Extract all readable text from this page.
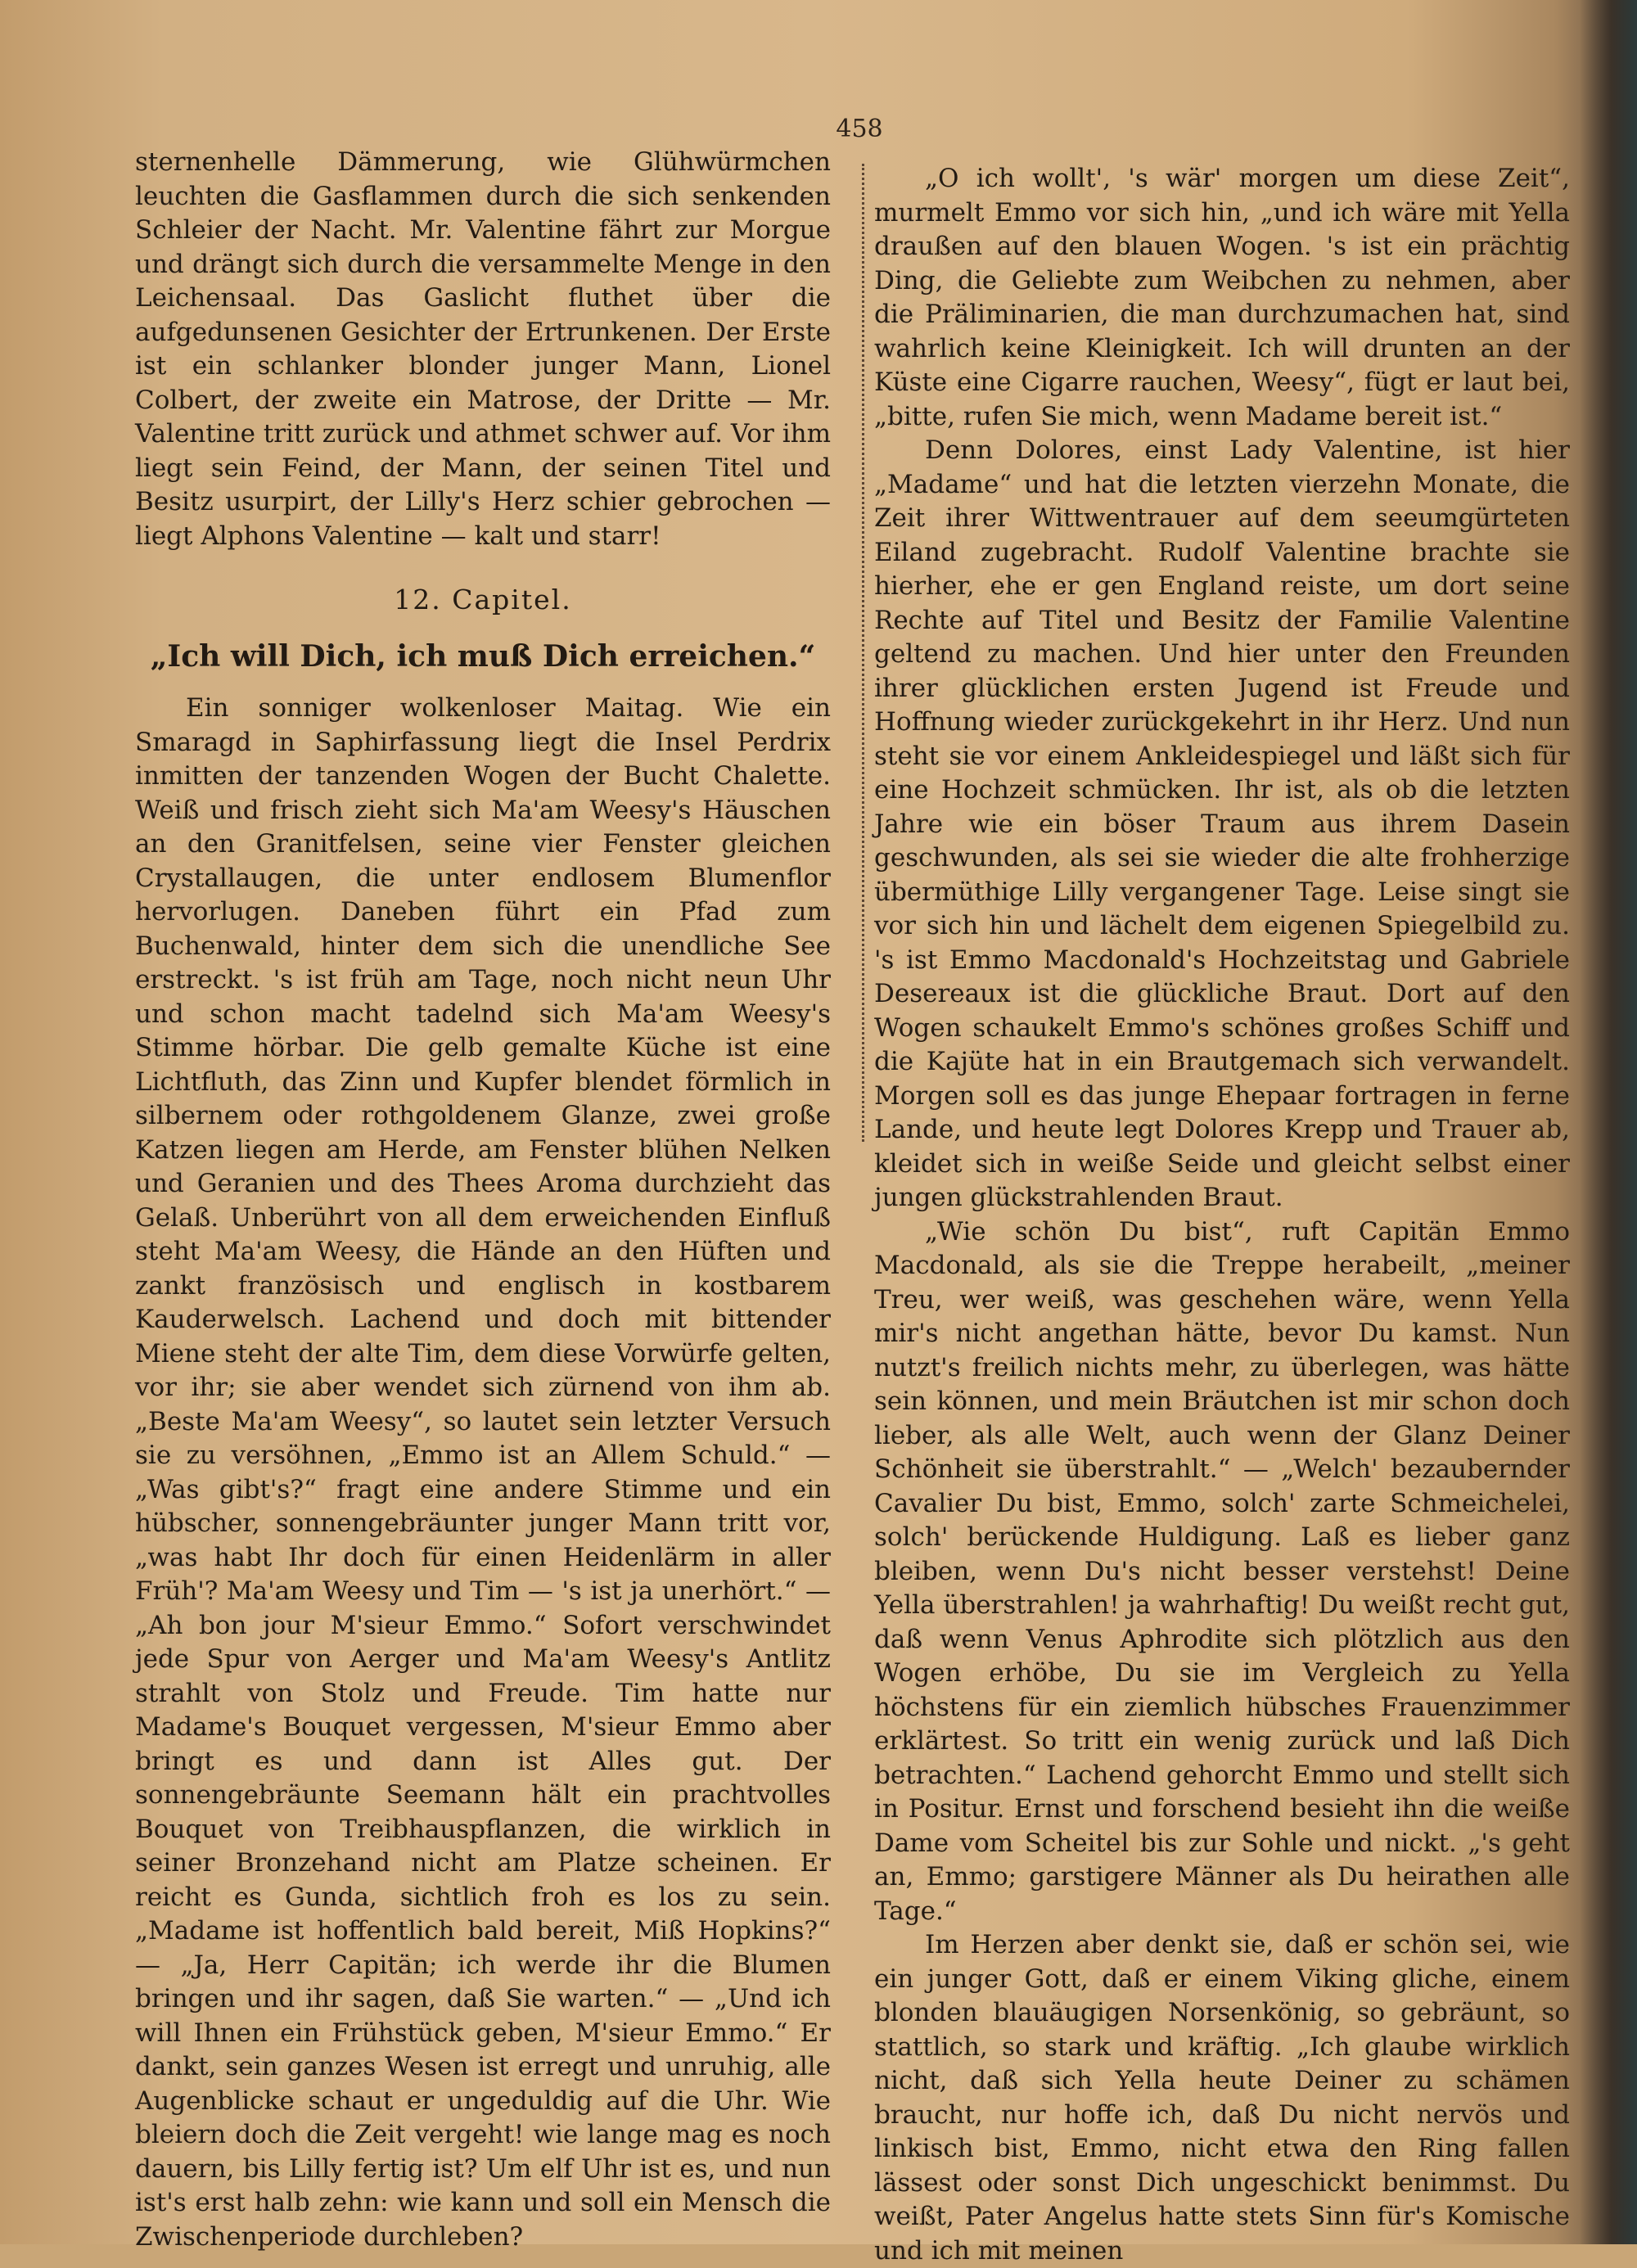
458

sternenhelle Dämmerung, wie Glühwürmchen leuchten die Gasflammen durch die sich senkenden Schleier der Nacht. Mr. Valentine fährt zur Morgue und drängt sich durch die versammelte Menge in den Leichensaal. Das Gaslicht fluthet über die aufgedunsenen Gesichter der Ertrunkenen. Der Erste ist ein schlanker blonder junger Mann, Lionel Colbert, der zweite ein Matrose, der Dritte — Mr. Valentine tritt zurück und athmet schwer auf. Vor ihm liegt sein Feind, der Mann, der seinen Titel und Besitz usurpirt, der Lilly's Herz schier gebrochen — liegt Alphons Valentine — kalt und starr!

12. Capitel.
„Ich will Dich, ich muß Dich erreichen.“

Ein sonniger wolkenloser Maitag. Wie ein Smaragd in Saphirfassung liegt die Insel Perdrix inmitten der tanzenden Wogen der Bucht Chalette. Weiß und frisch zieht sich Ma'am Weesy's Häuschen an den Granitfelsen, seine vier Fenster gleichen Crystallaugen, die unter endlosem Blumenflor hervorlugen. Daneben führt ein Pfad zum Buchenwald, hinter dem sich die unendliche See erstreckt. 's ist früh am Tage, noch nicht neun Uhr und schon macht tadelnd sich Ma'am Weesy's Stimme hörbar. Die gelb gemalte Küche ist eine Lichtfluth, das Zinn und Kupfer blendet förmlich in silbernem oder rothgoldenem Glanze, zwei große Katzen liegen am Herde, am Fenster blühen Nelken und Geranien und des Thees Aroma durchzieht das Gelaß. Unberührt von all dem erweichenden Einfluß steht Ma'am Weesy, die Hände an den Hüften und zankt französisch und englisch in kostbarem Kauderwelsch. Lachend und doch mit bittender Miene steht der alte Tim, dem diese Vorwürfe gelten, vor ihr; sie aber wendet sich zürnend von ihm ab. „Beste Ma'am Weesy“, so lautet sein letzter Versuch sie zu versöhnen, „Emmo ist an Allem Schuld.“ — „Was gibt's?“ fragt eine andere Stimme und ein hübscher, sonnengebräunter junger Mann tritt vor, „was habt Ihr doch für einen Heidenlärm in aller Früh'? Ma'am Weesy und Tim — 's ist ja unerhört.“ — „Ah bon jour M'sieur Emmo.“ Sofort verschwindet jede Spur von Aerger und Ma'am Weesy's Antlitz strahlt von Stolz und Freude. Tim hatte nur Madame's Bouquet vergessen, M'sieur Emmo aber bringt es und dann ist Alles gut. Der sonnengebräunte Seemann hält ein prachtvolles Bouquet von Treibhauspflanzen, die wirklich in seiner Bronzehand nicht am Platze scheinen. Er reicht es Gunda, sichtlich froh es los zu sein. „Madame ist hoffentlich bald bereit, Miß Hopkins?“ — „Ja, Herr Capitän; ich werde ihr die Blumen bringen und ihr sagen, daß Sie warten.“ — „Und ich will Ihnen ein Frühstück geben, M'sieur Emmo.“ Er dankt, sein ganzes Wesen ist erregt und unruhig, alle Augenblicke schaut er ungeduldig auf die Uhr. Wie bleiern doch die Zeit vergeht! wie lange mag es noch dauern, bis Lilly fertig ist? Um elf Uhr ist es, und nun ist's erst halb zehn: wie kann und soll ein Mensch die Zwischenperiode durchleben?

„O ich wollt', 's wär' morgen um diese Zeit“, murmelt Emmo vor sich hin, „und ich wäre mit Yella draußen auf den blauen Wogen. 's ist ein prächtig Ding, die Geliebte zum Weibchen zu nehmen, aber die Präliminarien, die man durchzumachen hat, sind wahrlich keine Kleinigkeit. Ich will drunten an der Küste eine Cigarre rauchen, Weesy“, fügt er laut bei, „bitte, rufen Sie mich, wenn Madame bereit ist.“

Denn Dolores, einst Lady Valentine, ist hier „Madame“ und hat die letzten vierzehn Monate, die Zeit ihrer Wittwentrauer auf dem seeumgürteten Eiland zugebracht. Rudolf Valentine brachte sie hierher, ehe er gen England reiste, um dort seine Rechte auf Titel und Besitz der Familie Valentine geltend zu machen. Und hier unter den Freunden ihrer glücklichen ersten Jugend ist Freude und Hoffnung wieder zurückgekehrt in ihr Herz. Und nun steht sie vor einem Ankleidespiegel und läßt sich für eine Hochzeit schmücken. Ihr ist, als ob die letzten Jahre wie ein böser Traum aus ihrem Dasein geschwunden, als sei sie wieder die alte frohherzige übermüthige Lilly vergangener Tage. Leise singt sie vor sich hin und lächelt dem eigenen Spiegelbild zu. 's ist Emmo Macdonald's Hochzeitstag und Gabriele Desereaux ist die glückliche Braut. Dort auf den Wogen schaukelt Emmo's schönes großes Schiff und die Kajüte hat in ein Brautgemach sich verwandelt. Morgen soll es das junge Ehepaar fortragen in ferne Lande, und heute legt Dolores Krepp und Trauer ab, kleidet sich in weiße Seide und gleicht selbst einer jungen glückstrahlenden Braut.

„Wie schön Du bist“, ruft Capitän Emmo Macdonald, als sie die Treppe herabeilt, „meiner Treu, wer weiß, was geschehen wäre, wenn Yella mir's nicht angethan hätte, bevor Du kamst. Nun nutzt's freilich nichts mehr, zu überlegen, was hätte sein können, und mein Bräutchen ist mir schon doch lieber, als alle Welt, auch wenn der Glanz Deiner Schönheit sie überstrahlt.“ — „Welch' bezaubernder Cavalier Du bist, Emmo, solch' zarte Schmeichelei, solch' berückende Huldigung. Laß es lieber ganz bleiben, wenn Du's nicht besser verstehst! Deine Yella überstrahlen! ja wahrhaftig! Du weißt recht gut, daß wenn Venus Aphrodite sich plötzlich aus den Wogen erhöbe, Du sie im Vergleich zu Yella höchstens für ein ziemlich hübsches Frauenzimmer erklärtest. So tritt ein wenig zurück und laß Dich betrachten.“ Lachend gehorcht Emmo und stellt sich in Positur. Ernst und forschend besieht ihn die weiße Dame vom Scheitel bis zur Sohle und nickt. „'s geht an, Emmo; garstigere Männer als Du heirathen alle Tage.“

Im Herzen aber denkt sie, daß er schön sei, wie ein junger Gott, daß er einem Viking gliche, einem blonden blauäugigen Norsenkönig, so gebräunt, so stattlich, so stark und kräftig. „Ich glaube wirklich nicht, daß sich Yella heute Deiner zu schämen braucht, nur hoffe ich, daß Du nicht nervös und linkisch bist, Emmo, nicht etwa den Ring fallen lässest oder sonst Dich ungeschickt benimmst. Du weißt, Pater Angelus hatte stets Sinn für's Komische und ich mit meinen
